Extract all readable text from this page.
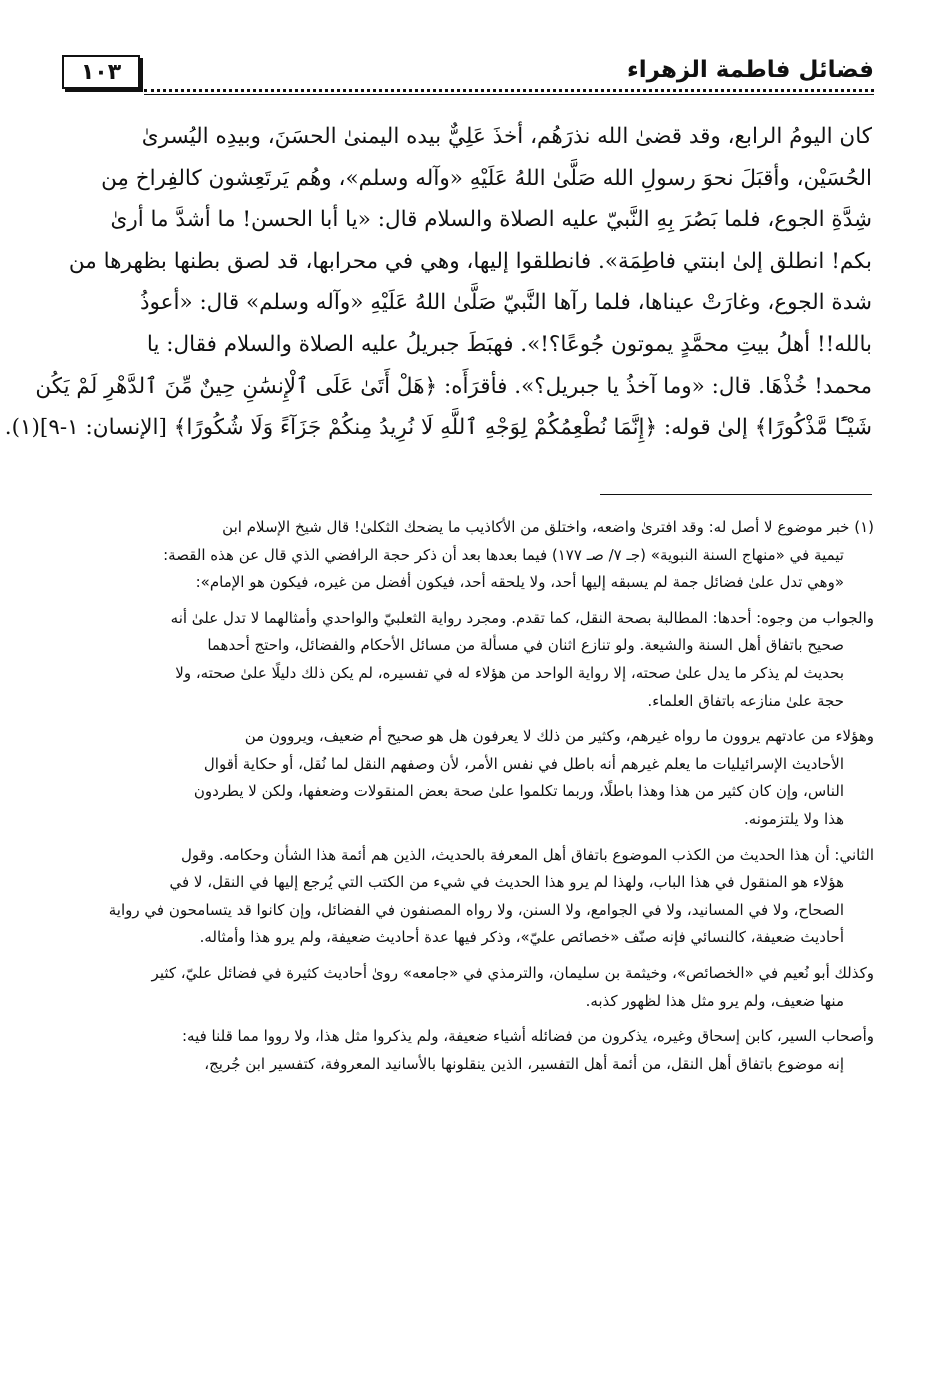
فضائل فاطمة الزهراء
١٠٣

كان اليومُ الرابع، وقد قضىٰ الله نذرَهُم، أخذَ عَلِيٌّ بيده اليمنىٰ الحسَنَ، وبيدِه اليُسرىٰ

الحُسَيْن، وأقبَلَ نحوَ رسولِ الله صَلَّىٰ اللهُ عَلَيْهِ «وآله وسلم»، وهُم يَرتَعِشون كالفِراخ مِن

شِدَّةِ الجوع، فلما بَصُرَ بِهِ النَّبيّ عليه الصلاة والسلام قال: «يا أبا الحسن! ما أشدَّ ما أرىٰ

بكم! انطلق إلىٰ ابنتي فاطِمَة». فانطلقوا إليها، وهي في محرابها، قد لصق بطنها بظهرها من

شدة الجوع، وغارَتْ عيناها، فلما رآها النَّبيّ صَلَّىٰ اللهُ عَلَيْهِ «وآله وسلم» قال: «أعوذُ

بالله!! أهلُ بيتِ محمَّدٍ يموتون جُوعًا؟!». فهبَطَ جبريلُ عليه الصلاة والسلام فقال: يا

محمد! خُذْهَا. قال: «وما آخذُ يا جبريل؟». فأقرَأَه: ﴿هَلْ أَتَىٰ عَلَى ٱلْإِنسَٰنِ حِينٌ مِّنَ ٱلدَّهْرِ لَمْ يَكُن

شَيْـًٔا مَّذْكُورًا﴾ إلىٰ قوله: ﴿إِنَّمَا نُطْعِمُكُمْ لِوَجْهِ ٱللَّهِ لَا نُرِيدُ مِنكُمْ جَزَآءً وَلَا شُكُورًا﴾ [الإنسان: ١-٩](١).

(١) خبر موضوع لا أصل له: وقد افترىٰ واضعه، واختلق من الأكاذيب ما يضحك الثكلىٰ! قال شيخ الإسلام ابن
تيمية في «منهاج السنة النبوية» (جـ ٧/ صـ ١٧٧) فيما بعدها بعد أن ذكر حجة الرافضي الذي قال عن هذه القصة:
«وهي تدل علىٰ فضائل جمة لم يسبقه إليها أحد، ولا يلحقه أحد، فيكون أفضل من غيره، فيكون هو الإمام»:
والجواب من وجوه: أحدها: المطالبة بصحة النقل، كما تقدم. ومجرد رواية الثعلبيّ والواحدي وأمثالهما لا تدل علىٰ أنه
صحيح باتفاق أهل السنة والشيعة. ولو تنازع اثنان في مسألة من مسائل الأحكام والفضائل، واحتج أحدهما
بحديث لم يذكر ما يدل علىٰ صحته، إلا رواية الواحد من هؤلاء له في تفسيره، لم يكن ذلك دليلًا علىٰ صحته، ولا
حجة علىٰ منازعه باتفاق العلماء.
وهؤلاء من عادتهم يروون ما رواه غيرهم، وكثير من ذلك لا يعرفون هل هو صحيح أم ضعيف، ويروون من
الأحاديث الإسرائيليات ما يعلم غيرهم أنه باطل في نفس الأمر، لأن وصفهم النقل لما نُقل، أو حكاية أقوال
الناس، وإن كان كثير من هذا وهذا باطلًا، وربما تكلموا علىٰ صحة بعض المنقولات وضعفها، ولكن لا يطردون
هذا ولا يلتزمونه.
الثاني: أن هذا الحديث من الكذب الموضوع باتفاق أهل المعرفة بالحديث، الذين هم أئمة هذا الشأن وحكامه. وقول
هؤلاء هو المنقول في هذا الباب، ولهذا لم يرو هذا الحديث في شيء من الكتب التي يُرجع إليها في النقل، لا في
الصحاح، ولا في المسانيد، ولا في الجوامع، ولا السنن، ولا رواه المصنفون في الفضائل، وإن كانوا قد يتسامحون في رواية
أحاديث ضعيفة، كالنسائي فإنه صنّف «خصائص عليّ»، وذكر فيها عدة أحاديث ضعيفة، ولم يرو هذا وأمثاله.
وكذلك أبو نُعيم في «الخصائص»، وخيثمة بن سليمان، والترمذي في «جامعه» روىٰ أحاديث كثيرة في فضائل عليّ، كثير
منها ضعيف، ولم يرو مثل هذا لظهور كذبه.
وأصحاب السير، كابن إسحاق وغيره، يذكرون من فضائله أشياء ضعيفة، ولم يذكروا مثل هذا، ولا رووا مما قلنا فيه:
إنه موضوع باتفاق أهل النقل، من أئمة أهل التفسير، الذين ينقلونها بالأسانيد المعروفة، كتفسير ابن جُريج،
